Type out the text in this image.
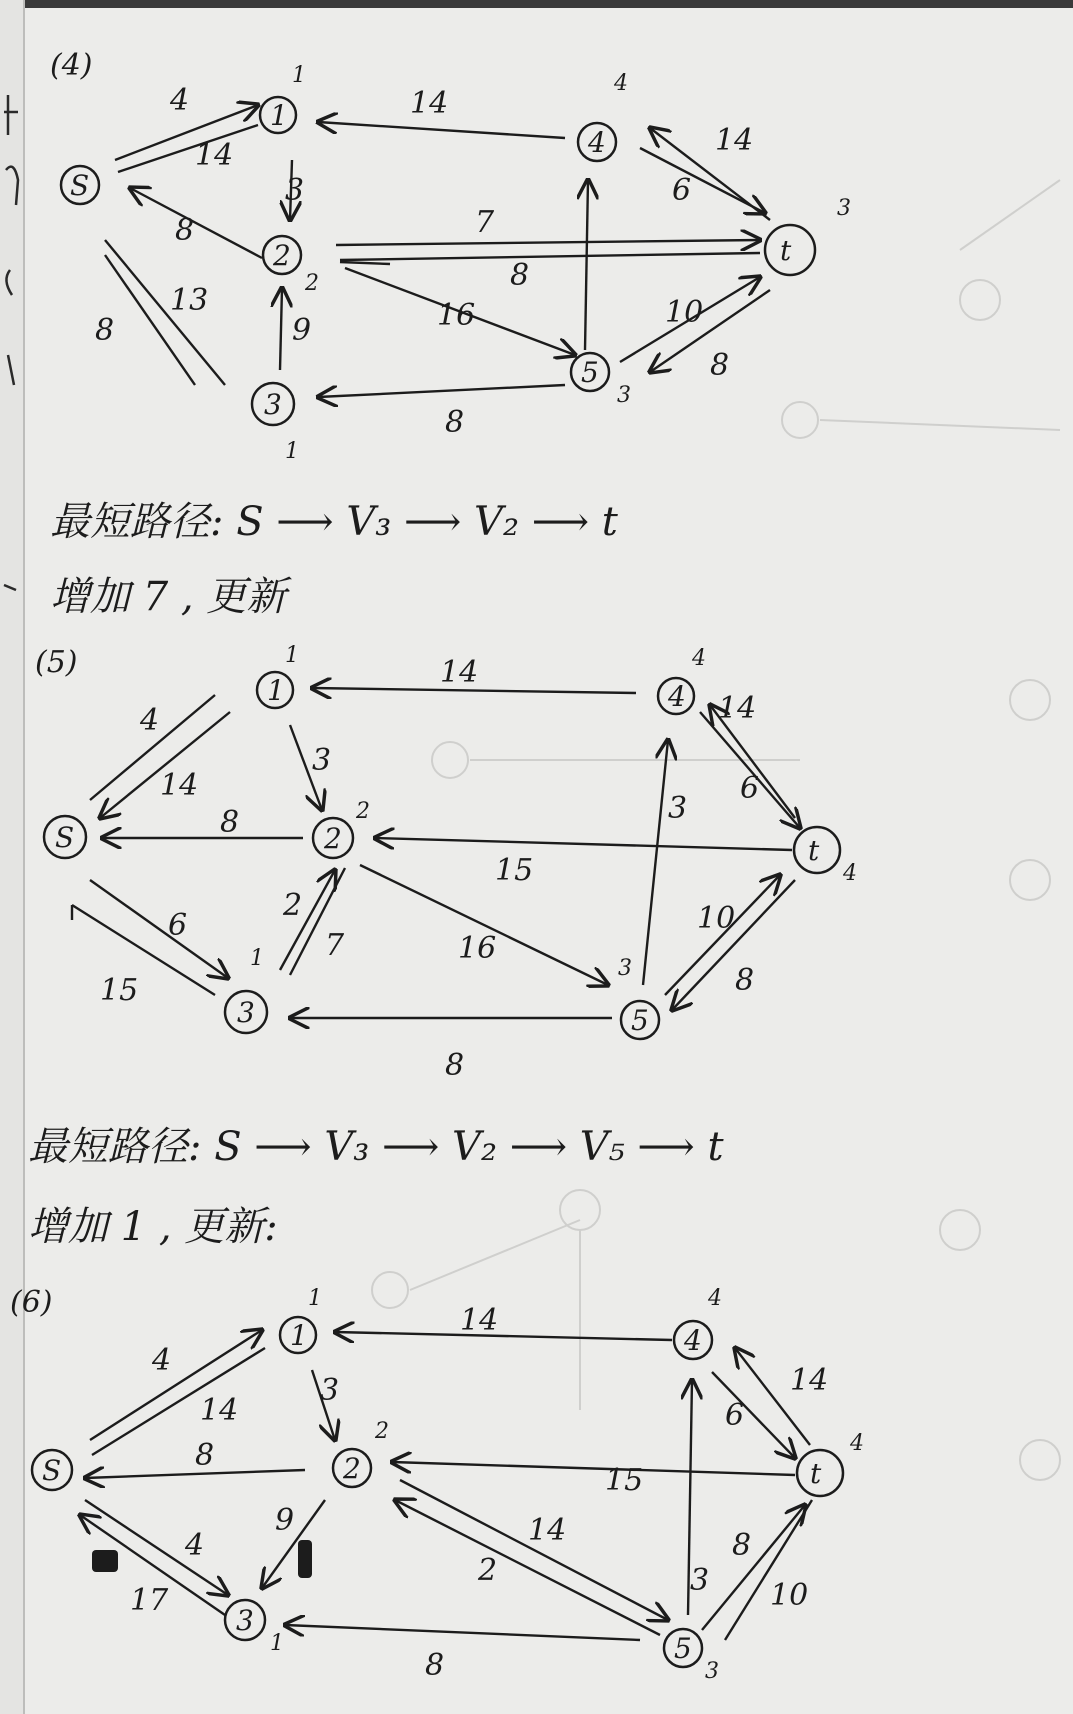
(4)
S
1
1
2
2
3
1
4
4
5
3
t
3
4
14
14
3
8
13
8	9
7
8
16
8
14
6
10
8
最短路径: S ⟶ V₃ ⟶ V₂ ⟶ t
增加 7 , 更新
(5)
S
1
1
2
2
3
1
4
4
5
3
t
4
4
14
14
3
8
6
15
2
7
15
16
8
14
6
3
10
8
最短路径: S ⟶ V₃ ⟶ V₂ ⟶ V₅ ⟶ t
增加 1 , 更新:
(6)
S
1
1
2
2
3
1
4
4
5
3
t
4
4
14
14
3
8
4
17
9
15
14
2
8
14
6
3
8
10
